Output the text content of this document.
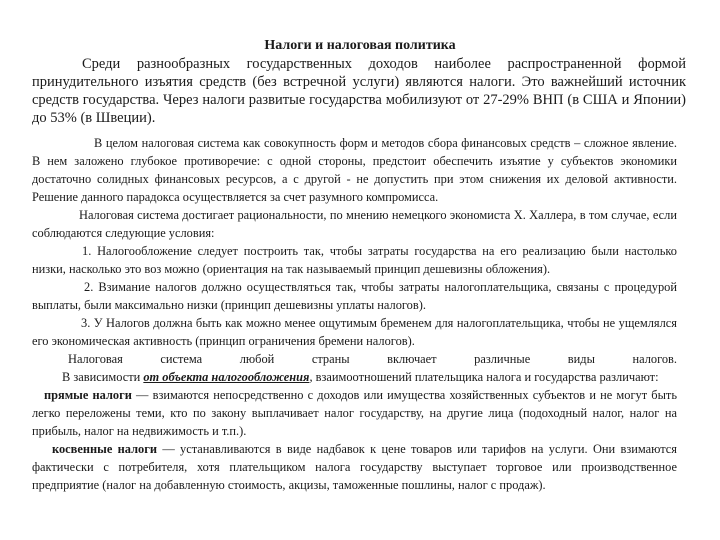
Налоги и налоговая политика
Среди разнообразных государственных доходов наиболее распространенной формой принудительного изъятия средств (без встречной услуги) являются налоги. Это важнейший источник средств государства. Через налоги развитые государства мобилизуют от 27-29% ВНП (в США и Японии) до 53% (в Швеции).

В целом налоговая система как совокупность форм и методов сбора финансовых средств – сложное явление. В нем заложено глубокое противоречие: с одной стороны, предстоит обеспечить изъятие у субъектов экономики достаточно солидных финансовых ресурсов, а с другой - не допустить при этом снижения их деловой активности. Решение данного парадокса осуществляется за счет разумного компромисса.

Налоговая система достигает рациональности, по мнению немецкого экономиста Х. Халлера, в том случае, если соблюдаются следующие условия:

1. Налогообложение следует построить так, чтобы затраты государства на его реализацию были настолько низки, насколько это воз можно (ориентация на так называемый принцип дешевизны обложения).

2. Взимание налогов должно осуществляться так, чтобы затраты налогоплательщика, связаны с процедурой выплаты, были максимально низки (принцип дешевизны уплаты налогов).

3. У Налогов должна быть как можно менее ощутимым бременем для налогоплательщика, чтобы не ущемлялся его экономическая активность (принцип ограничения бремени налогов).

Налоговая система любой страны включает различные виды налогов.

В зависимости от объекта налогообложения, взаимоотношений плательщика налога и государства различают:

прямые налоги — взимаются непосредственно с доходов или имущества хозяйственных субъектов и не могут быть легко переложены теми, кто по закону выплачивает налог государству, на другие лица (подоходный налог, налог на прибыль, налог на недвижимость и т.п.).

косвенные налоги — устанавливаются в виде надбавок к цене товаров или тарифов на услуги. Они взимаются фактически с потребителя, хотя плательщиком налога государству выступает торговое или производственное предприятие (налог на добавленную стоимость, акцизы, таможенные пошлины, налог с продаж).
